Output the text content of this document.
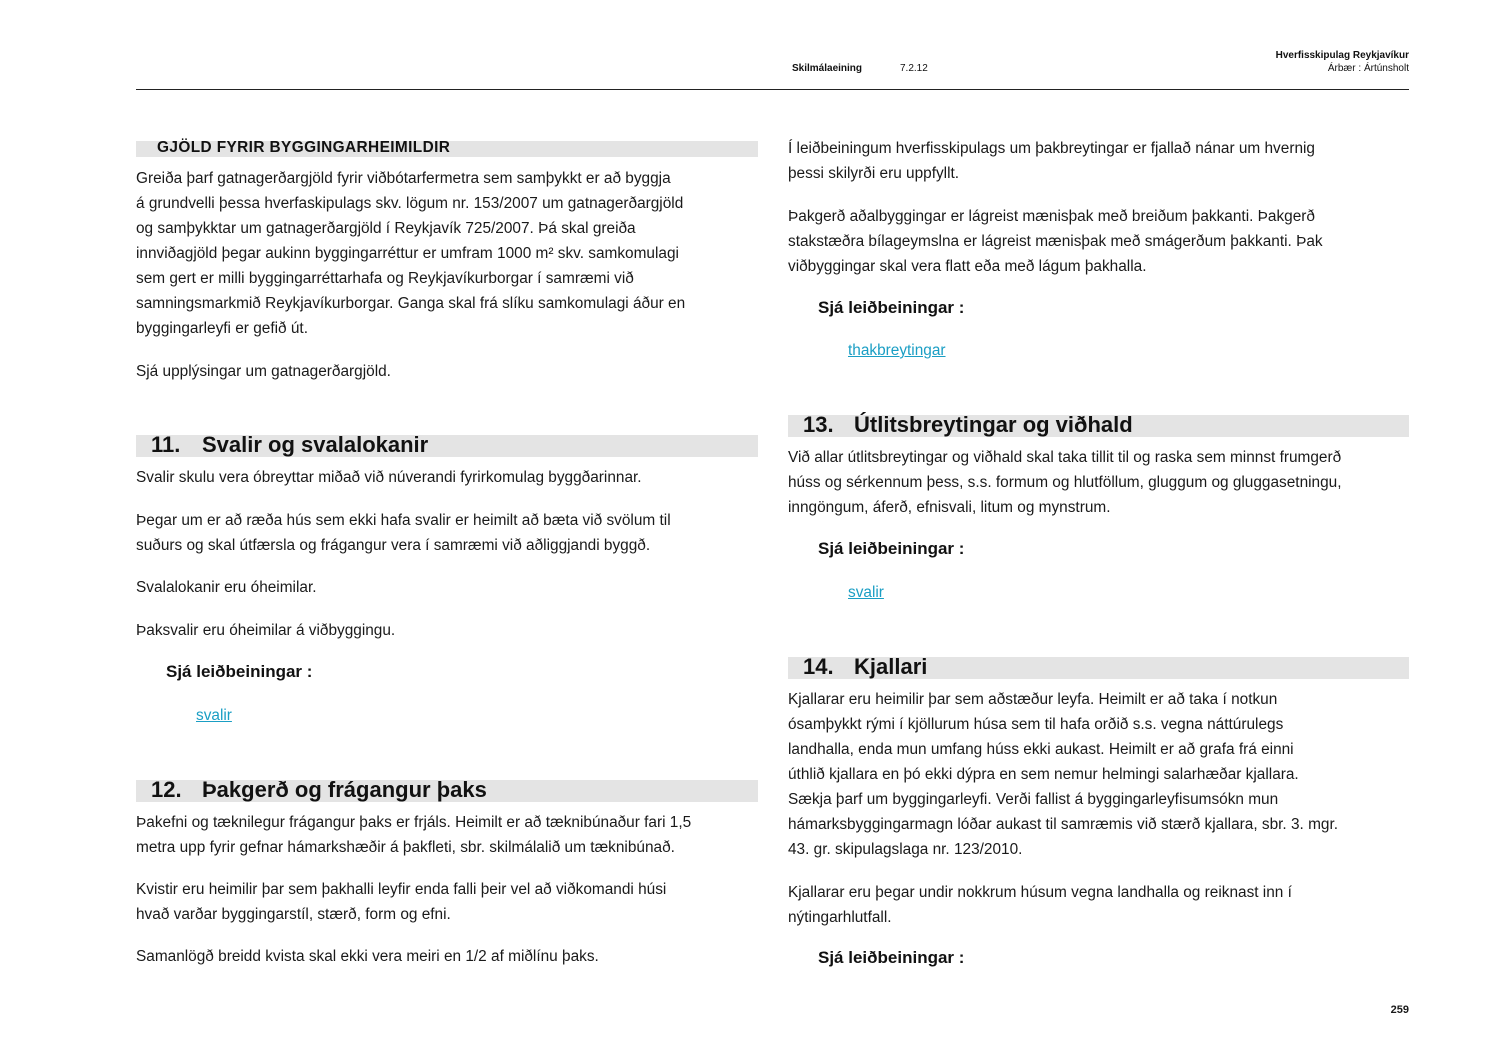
Skilmálaeining	7.2.12
Hverfisskipulag Reykjavíkur
Árbær : Ártúnsholt
GJÖLD FYRIR BYGGINGARHEIMILDIR
Greiða þarf gatnagerðargjöld fyrir viðbótarfermetra sem samþykkt er að byggja
á grundvelli þessa hverfaskipulags skv. lögum nr. 153/2007 um gatnagerðargjöld
og samþykktar um gatnagerðargjöld í Reykjavík 725/2007. Þá skal greiða
innviðagjöld þegar aukinn byggingarréttur er umfram 1000 m² skv. samkomulagi
sem gert er milli byggingarréttarhafa og Reykjavíkurborgar í samræmi við
samningsmarkmið Reykjavíkurborgar. Ganga skal frá slíku samkomulagi áður en
byggingarleyfi er gefið út.
Sjá upplýsingar um gatnagerðargjöld.
11. Svalir og svalalokanir
Svalir skulu vera óbreyttar miðað við núverandi fyrirkomulag byggðarinnar.
Þegar um er að ræða hús sem ekki hafa svalir er heimilt að bæta við svölum til
suðurs og skal útfærsla og frágangur vera í samræmi við aðliggjandi byggð.
Svalalokanir eru óheimilar.
Þaksvalir eru óheimilar á viðbyggingu.
Sjá leiðbeiningar :
svalir
12. Þakgerð og frágangur þaks
Þakefni og tæknilegur frágangur þaks er frjáls. Heimilt er að tæknibúnaður fari 1,5
metra upp fyrir gefnar hámarkshæðir á þakfleti, sbr. skilmálalið um tæknibúnað.
Kvistir eru heimilir þar sem þakhalli leyfir enda falli þeir vel að viðkomandi húsi
hvað varðar byggingarstíl, stærð, form og efni.
Samanlögð breidd kvista skal ekki vera meiri en 1/2 af miðlínu þaks.
Í leiðbeiningum hverfisskipulags um þakbreytingar er fjallað nánar um hvernig
þessi skilyrði eru uppfyllt.
Þakgerð aðalbyggingar er lágreist mænisþak með breiðum þakkanti. Þakgerð
stakstæðra bílageymslna er lágreist mænisþak með smágerðum þakkanti. Þak
viðbyggingar skal vera flatt eða með lágum þakhalla.
Sjá leiðbeiningar :
thakbreytingar
13. Útlitsbreytingar og viðhald
Við allar útlitsbreytingar og viðhald skal taka tillit til og raska sem minnst frumgerð
húss og sérkennum þess, s.s. formum og hlutföllum, gluggum og gluggasetningu,
inngöngum, áferð, efnisvali, litum og mynstrum.
Sjá leiðbeiningar :
svalir
14. Kjallari
Kjallarar eru heimilir þar sem aðstæður leyfa. Heimilt er að taka í notkun
ósamþykkt rými í kjöllurum húsa sem til hafa orðið s.s. vegna náttúrulegs
landhalla, enda mun umfang húss ekki aukast. Heimilt er að grafa frá einni
úthlið kjallara en þó ekki dýpra en sem nemur helmingi salarhæðar kjallara.
Sækja þarf um byggingarleyfi. Verði fallist á byggingarleyfisumsókn mun
hámarksbyggingarmagn lóðar aukast til samræmis við stærð kjallara, sbr. 3. mgr.
43. gr. skipulagslaga nr. 123/2010.
Kjallarar eru þegar undir nokkrum húsum vegna landhalla og reiknast inn í
nýtingarhlutfall.
Sjá leiðbeiningar :
259
